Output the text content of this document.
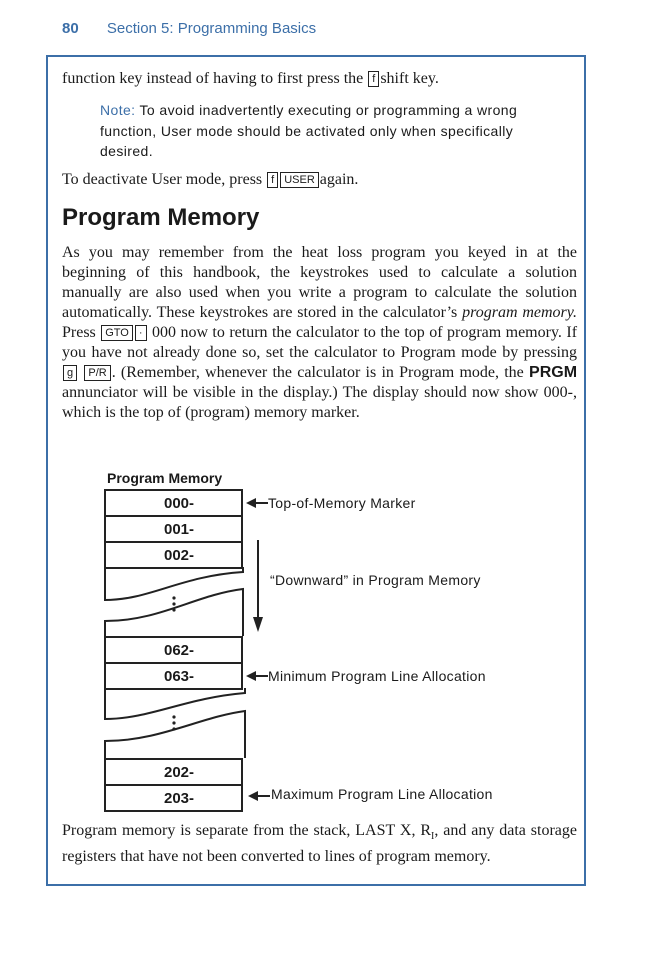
80 Section 5: Programming Basics
function key instead of having to first press the f shift key.
Note: To avoid inadvertently executing or programming a wrong function, User mode should be activated only when specifically desired.
To deactivate User mode, press f USER again.
Program Memory
As you may remember from the heat loss program you keyed in at the beginning of this handbook, the keystrokes used to calculate a solution manually are also used when you write a program to calculate the solution automatically. These keystrokes are stored in the calculator’s program memory. Press GTO · 000 now to return the calculator to the top of program memory. If you have not already done so, set the calculator to Program mode by pressing g P/R . (Remember, whenever the calculator is in Program mode, the PRGM annunciator will be visible in the display.) The display should now show 000-, which is the top of (program) memory marker.
Program Memory
000-
001-
002-
062-
063-
202-
203-
Top-of-Memory Marker
“Downward” in Program Memory
Minimum Program Line Allocation
Maximum Program Line Allocation
Program memory is separate from the stack, LAST X, $R_I$, and any data storage registers that have not been converted to lines of program memory.
